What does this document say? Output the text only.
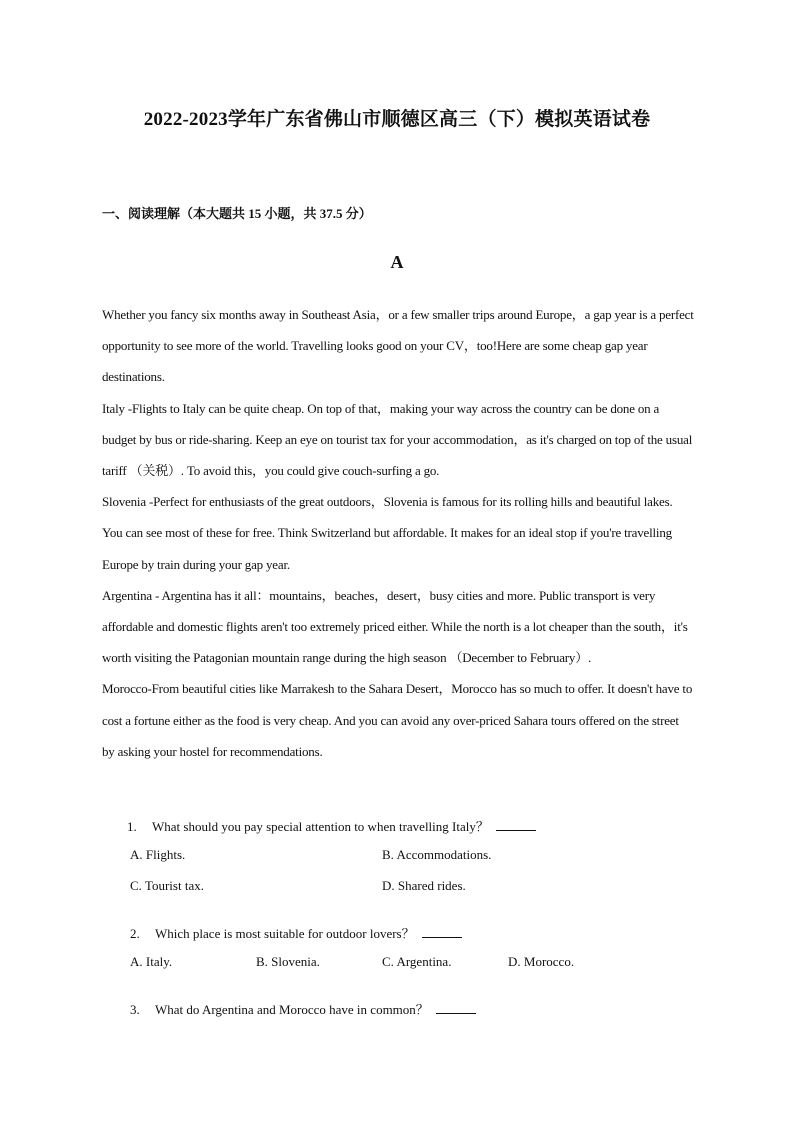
2022-2023学年广东省佛山市顺德区高三（下）模拟英语试卷
一、阅读理解（本大题共 15 小题，共 37.5 分）
A

Whether you fancy six months away in Southeast Asia，or a few smaller trips around Europe，a gap year is a perfect opportunity to see more of the world. Travelling looks good on your CV，too!Here are some cheap gap year destinations.

Italy -Flights to Italy can be quite cheap. On top of that，making your way across the country can be done on a budget by bus or ride-sharing. Keep an eye on tourist tax for your accommodation，as it's charged on top of the usual tariff （关税）. To avoid this，you could give couch-surfing a go.

Slovenia -Perfect for enthusiasts of the great outdoors，Slovenia is famous for its rolling hills and beautiful lakes. You can see most of these for free. Think Switzerland but affordable. It makes for an ideal stop if you're travelling Europe by train during your gap year.

Argentina - Argentina has it all：mountains，beaches，desert，busy cities and more. Public transport is very affordable and domestic flights aren't too extremely priced either. While the north is a lot cheaper than the south，it's worth visiting the Patagonian mountain range during the high season （December to February）.

Morocco-From beautiful cities like Marrakesh to the Sahara Desert，Morocco has so much to offer. It doesn't have to cost a fortune either as the food is very cheap. And you can avoid any over-priced Sahara tours offered on the street by asking your hostel for recommendations.

1. What should you pay special attention to when travelling Italy？
A. Flights.	B. Accommodations.
C. Tourist tax.	D. Shared rides.
2. Which place is most suitable for outdoor lovers？
A. Italy.	B. Slovenia.	C. Argentina.	D. Morocco.
3. What do Argentina and Morocco have in common？
